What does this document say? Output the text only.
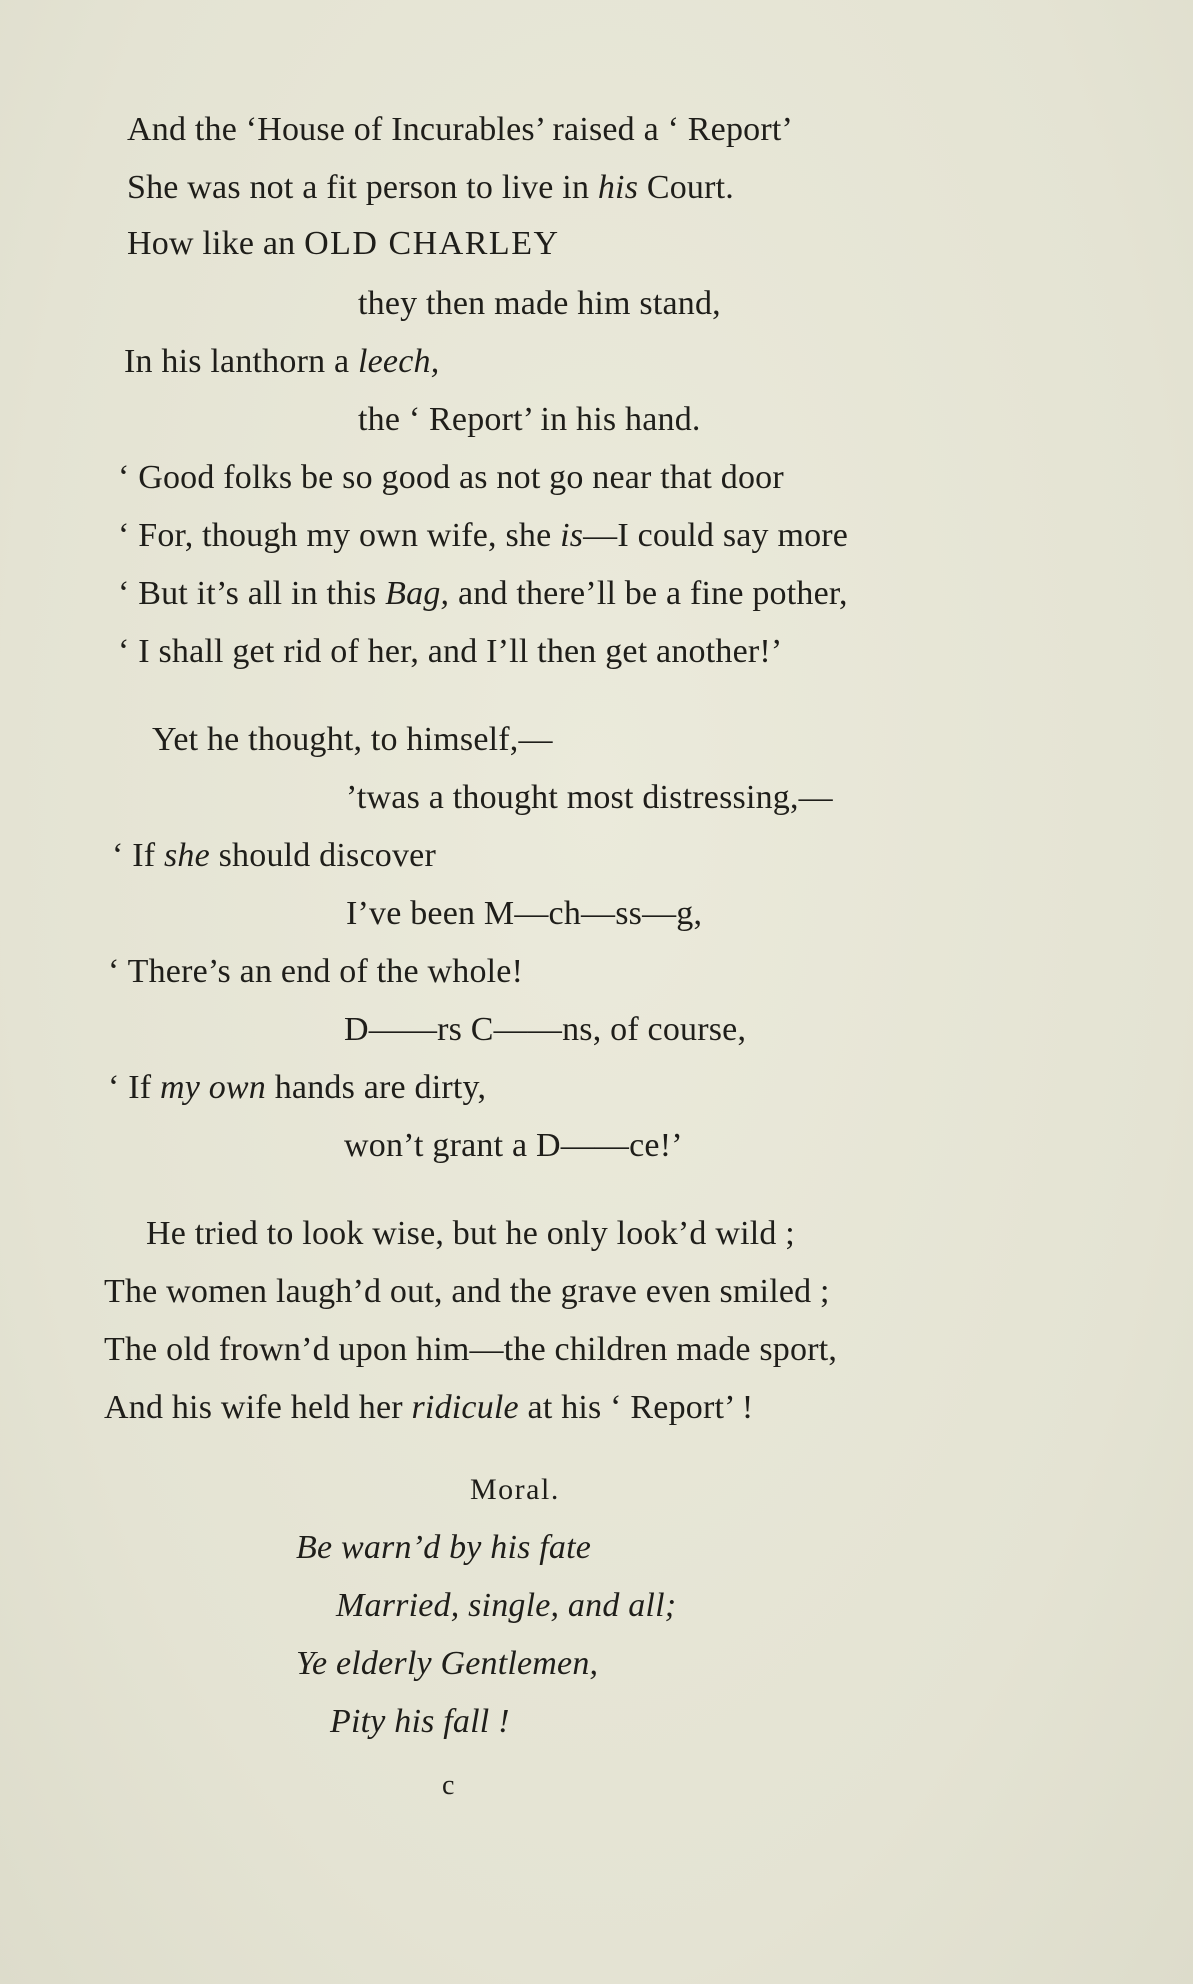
And the ‘House of Incurables’ raised a ‘ Report’
She was not a fit person to live in his Court.
How like an OLD CHARLEY
they then made him stand,
In his lanthorn a leech,
the ‘ Report’ in his hand.
‘ Good folks be so good as not go near that door
‘ For, though my own wife, she is—I could say more
‘ But it’s all in this Bag, and there’ll be a fine pother,
‘ I shall get rid of her, and I’ll then get another!’
Yet he thought, to himself,—
’twas a thought most distressing,—
‘ If she should discover
I’ve been M—ch—ss—g,
‘ There’s an end of the whole!
D——rs C——ns, of course,
‘ If my own hands are dirty,
won’t grant a D——ce!’
He tried to look wise, but he only look’d wild ;
The women laugh’d out, and the grave even smiled ;
The old frown’d upon him—the children made sport,
And his wife held her ridicule at his ‘ Report’ !
Moral.
Be warn’d by his fate
Married, single, and all;
Ye elderly Gentlemen,
Pity his fall !
c
